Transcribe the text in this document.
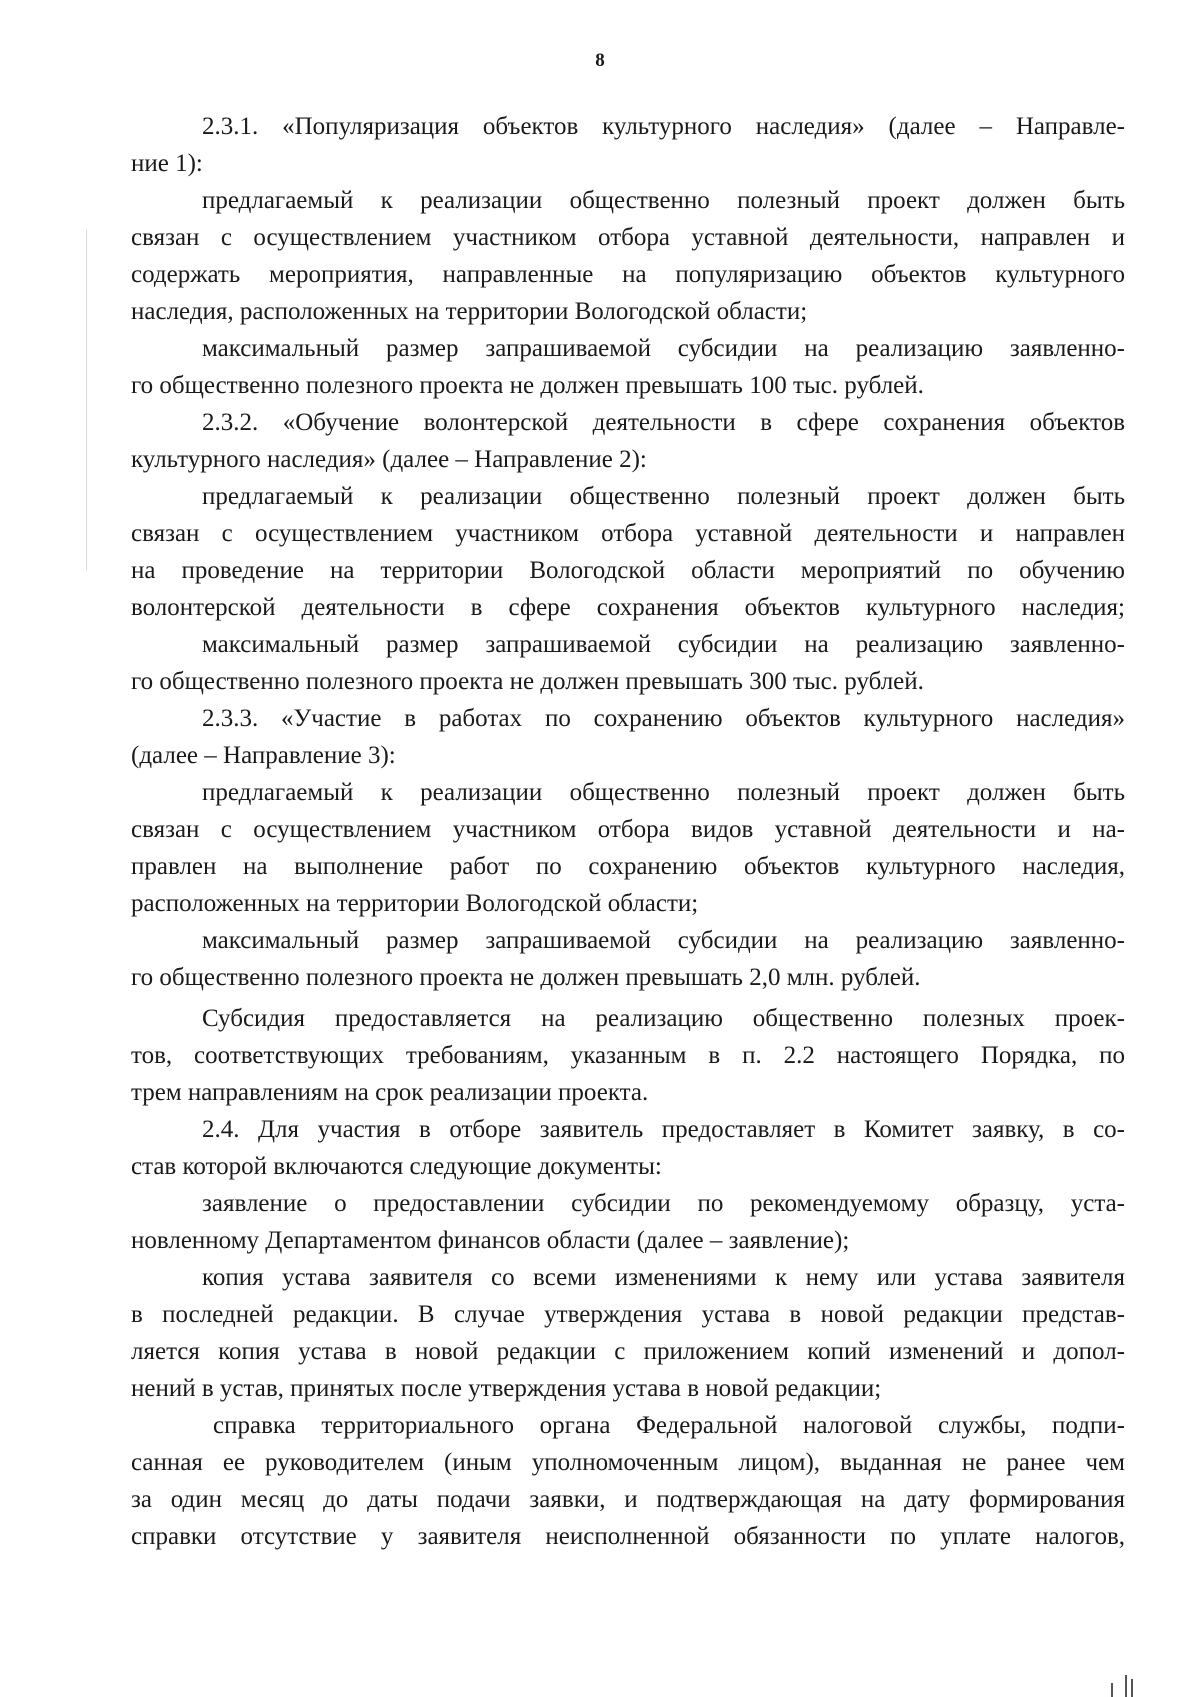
8
2.3.1. «Популяризация объектов культурного наследия» (далее – Направле-
ние 1):
предлагаемый к реализации общественно полезный проект должен быть
связан с осуществлением участником отбора уставной деятельности, направлен и
содержать мероприятия, направленные на популяризацию объектов культурного
наследия, расположенных на территории Вологодской области;
максимальный размер запрашиваемой субсидии на реализацию заявленно-
го общественно полезного проекта не должен превышать 100 тыс. рублей.
2.3.2. «Обучение волонтерской деятельности в сфере сохранения объектов
культурного наследия» (далее – Направление 2):
предлагаемый к реализации общественно полезный проект должен быть
связан с осуществлением участником отбора уставной деятельности и направлен
на проведение на территории Вологодской области мероприятий по обучению
волонтерской деятельности в сфере сохранения объектов культурного наследия;
максимальный размер запрашиваемой субсидии на реализацию заявленно-
го общественно полезного проекта не должен превышать 300 тыс. рублей.
2.3.3. «Участие в работах по сохранению объектов культурного наследия»
(далее – Направление 3):
предлагаемый к реализации общественно полезный проект должен быть
связан с осуществлением участником отбора видов уставной деятельности и на-
правлен на выполнение работ по сохранению объектов культурного наследия,
расположенных на территории Вологодской области;
максимальный размер запрашиваемой субсидии на реализацию заявленно-
го общественно полезного проекта не должен превышать 2,0 млн. рублей.
Субсидия предоставляется на реализацию общественно полезных проек-
тов, соответствующих требованиям, указанным в п. 2.2 настоящего Порядка, по
трем направлениям на срок реализации проекта.
2.4. Для участия в отборе заявитель предоставляет в Комитет заявку, в со-
став которой включаются следующие документы:
заявление о предоставлении субсидии по рекомендуемому образцу, уста-
новленному Департаментом финансов области (далее – заявление);
копия устава заявителя со всеми изменениями к нему или устава заявителя
в последней редакции. В случае утверждения устава в новой редакции представ-
ляется копия устава в новой редакции с приложением копий изменений и допол-
нений в устав, принятых после утверждения устава в новой редакции;
справка территориального органа Федеральной налоговой службы, подпи-
санная ее руководителем (иным уполномоченным лицом), выданная не ранее чем
за один месяц до даты подачи заявки, и подтверждающая на дату формирования
справки отсутствие у заявителя неисполненной обязанности по уплате налогов,
